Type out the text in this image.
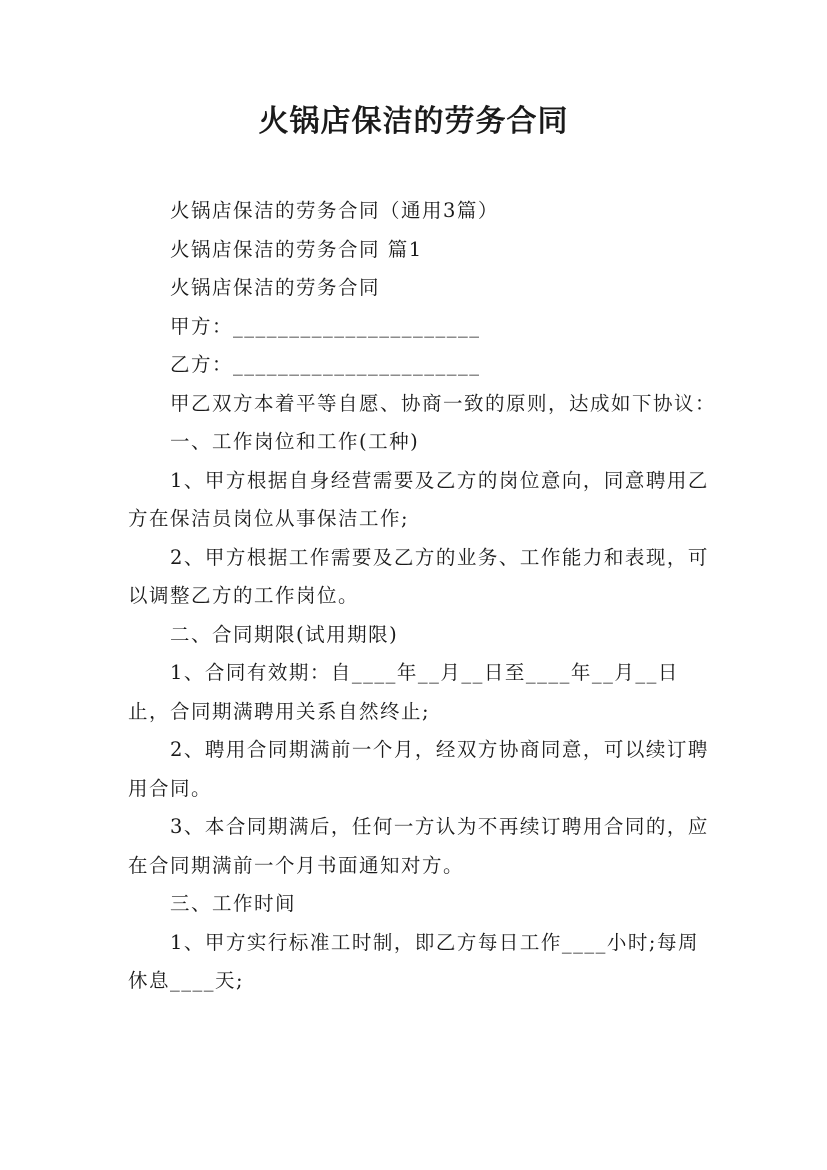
火锅店保洁的劳务合同

火锅店保洁的劳务合同（通用3篇）

火锅店保洁的劳务合同 篇1

火锅店保洁的劳务合同

甲方：______________________

乙方：______________________

甲乙双方本着平等自愿、协商一致的原则，达成如下协议：

一、工作岗位和工作(工种)

1、甲方根据自身经营需要及乙方的岗位意向，同意聘用乙方在保洁员岗位从事保洁工作;

2、甲方根据工作需要及乙方的业务、工作能力和表现，可以调整乙方的工作岗位。

二、合同期限(试用期限)

1、合同有效期：自____年__月__日至____年__月__日止，合同期满聘用关系自然终止;

2、聘用合同期满前一个月，经双方协商同意，可以续订聘用合同。

3、本合同期满后，任何一方认为不再续订聘用合同的，应在合同期满前一个月书面通知对方。

三、工作时间

1、甲方实行标准工时制，即乙方每日工作____小时;每周休息____天;
